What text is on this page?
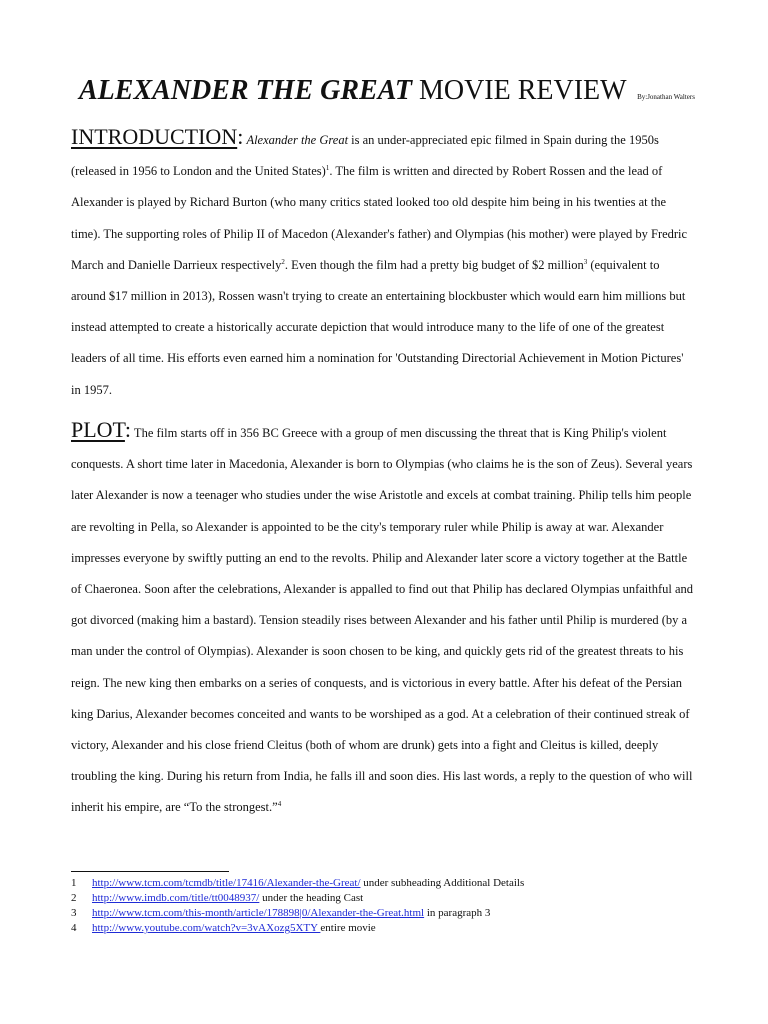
ALEXANDER THE GREAT MOVIE REVIEW By:Jonathan Walters
INTRODUCTION: Alexander the Great is an under-appreciated epic filmed in Spain during the 1950s (released in 1956 to London and the United States)$^1$. The film is written and directed by Robert Rossen and the lead of Alexander is played by Richard Burton (who many critics stated looked too old despite him being in his twenties at the time). The supporting roles of Philip II of Macedon (Alexander's father) and Olympias (his mother) were played by Fredric March and Danielle Darrieux respectively$^2$. Even though the film had a pretty big budget of $2 million$^3$ (equivalent to around $17 million in 2013), Rossen wasn't trying to create an entertaining blockbuster which would earn him millions but instead attempted to create a historically accurate depiction that would introduce many to the life of one of the greatest leaders of all time. His efforts even earned him a nomination for 'Outstanding Directorial Achievement in Motion Pictures' in 1957.
PLOT: The film starts off in 356 BC Greece with a group of men discussing the threat that is King Philip's violent conquests. A short time later in Macedonia, Alexander is born to Olympias (who claims he is the son of Zeus). Several years later Alexander is now a teenager who studies under the wise Aristotle and excels at combat training. Philip tells him people are revolting in Pella, so Alexander is appointed to be the city's temporary ruler while Philip is away at war. Alexander impresses everyone by swiftly putting an end to the revolts. Philip and Alexander later score a victory together at the Battle of Chaeronea. Soon after the celebrations, Alexander is appalled to find out that Philip has declared Olympias unfaithful and got divorced (making him a bastard). Tension steadily rises between Alexander and his father until Philip is murdered (by a man under the control of Olympias). Alexander is soon chosen to be king, and quickly gets rid of the greatest threats to his reign. The new king then embarks on a series of conquests, and is victorious in every battle. After his defeat of the Persian king Darius, Alexander becomes conceited and wants to be worshiped as a god. At a celebration of their continued streak of victory, Alexander and his close friend Cleitus (both of whom are drunk) gets into a fight and Cleitus is killed, deeply troubling the king. During his return from India, he falls ill and soon dies. His last words, a reply to the question of who will inherit his empire, are “To the strongest.”$^4$
1 http://www.tcm.com/tcmdb/title/17416/Alexander-the-Great/ under subheading Additional Details
2 http://www.imdb.com/title/tt0048937/ under the heading Cast
3 http://www.tcm.com/this-month/article/178898|0/Alexander-the-Great.html in paragraph 3
4 http://www.youtube.com/watch?v=3vAXozg5XTY entire movie
